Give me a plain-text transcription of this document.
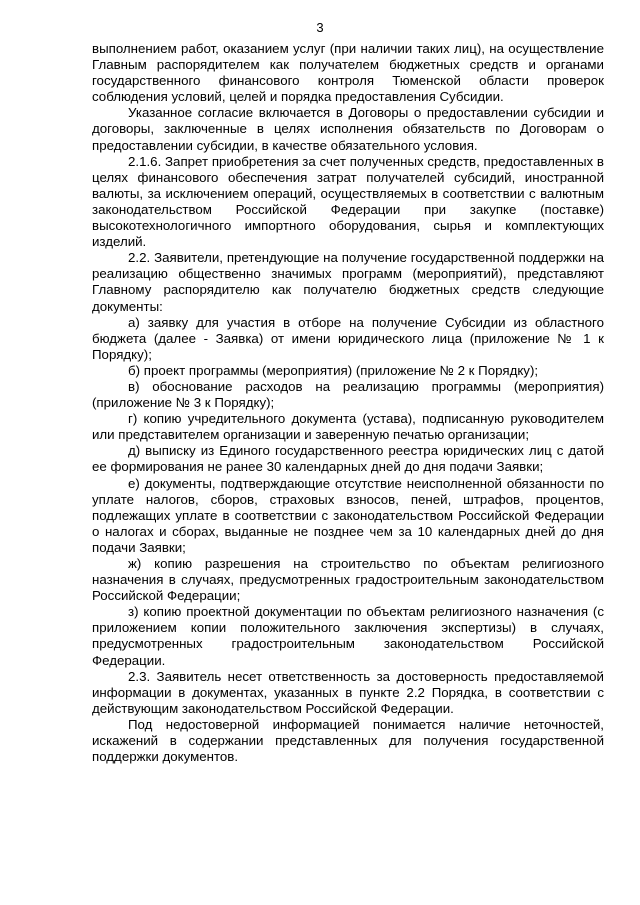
3

выполнением работ, оказанием услуг (при наличии таких лиц), на осуществление Главным распорядителем как получателем бюджетных средств и органами государственного финансового контроля Тюменской области проверок соблюдения условий, целей и порядка предоставления Субсидии.

Указанное согласие включается в Договоры о предоставлении субсидии и договоры, заключенные в целях исполнения обязательств по Договорам о предоставлении субсидии, в качестве обязательного условия.

2.1.6. Запрет приобретения за счет полученных средств, предоставленных в целях финансового обеспечения затрат получателей субсидий, иностранной валюты, за исключением операций, осуществляемых в соответствии с валютным законодательством Российской Федерации при закупке (поставке) высокотехнологичного импортного оборудования, сырья и комплектующих изделий.

2.2. Заявители, претендующие на получение государственной поддержки на реализацию общественно значимых программ (мероприятий), представляют Главному распорядителю как получателю бюджетных средств следующие документы:

а) заявку для участия в отборе на получение Субсидии из областного бюджета (далее - Заявка) от имени юридического лица (приложение № 1 к Порядку);

б) проект программы (мероприятия) (приложение № 2 к Порядку);

в) обоснование расходов на реализацию программы (мероприятия) (приложение № 3 к Порядку);

г) копию учредительного документа (устава), подписанную руководителем или представителем организации и заверенную печатью организации;

д) выписку из Единого государственного реестра юридических лиц с датой ее формирования не ранее 30 календарных дней до дня подачи Заявки;

е) документы, подтверждающие отсутствие неисполненной обязанности по уплате налогов, сборов, страховых взносов, пеней, штрафов, процентов, подлежащих уплате в соответствии с законодательством Российской Федерации о налогах и сборах, выданные не позднее чем за 10 календарных дней до дня подачи Заявки;

ж) копию разрешения на строительство по объектам религиозного назначения в случаях, предусмотренных градостроительным законодательством Российской Федерации;

з) копию проектной документации по объектам религиозного назначения (с приложением копии положительного заключения экспертизы) в случаях, предусмотренных градостроительным законодательством Российской Федерации.

2.3. Заявитель несет ответственность за достоверность предоставляемой информации в документах, указанных в пункте 2.2 Порядка, в соответствии с действующим законодательством Российской Федерации.

Под недостоверной информацией понимается наличие неточностей, искажений в содержании представленных для получения государственной поддержки документов.
